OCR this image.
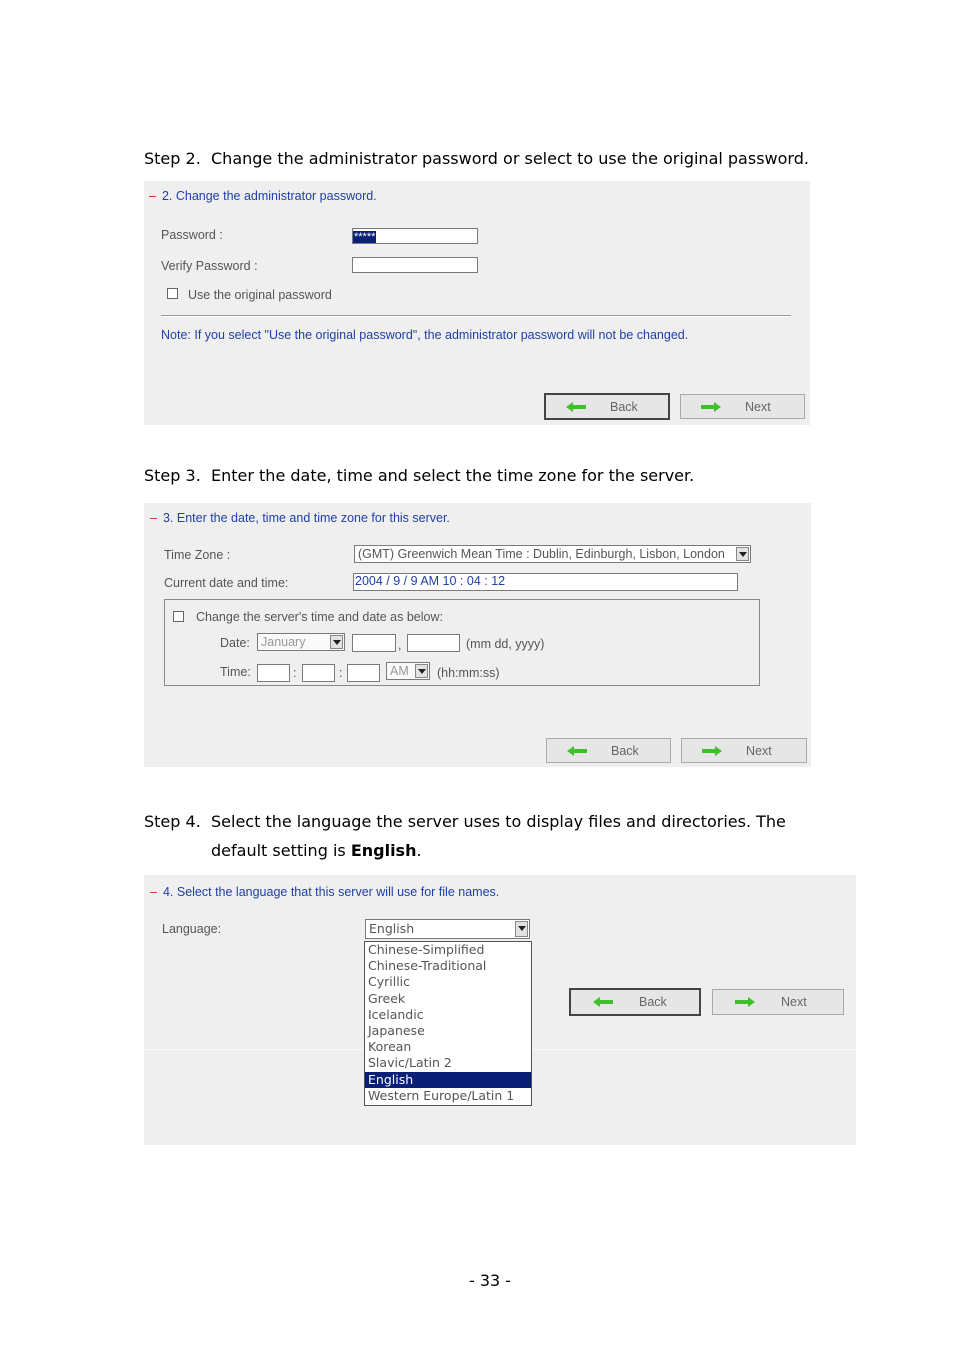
Step 2. Change the administrator password or select to use the original password.
– 2. Change the administrator password.
Password :	*****
Verify Password :
Use the original password
Note: If you select "Use the original password", the administrator password will not be changed.
Back	Next
Step 3. Enter the date, time and select the time zone for the server.
– 3. Enter the date, time and time zone for this server.
Time Zone :	(GMT) Greenwich Mean Time : Dublin, Edinburgh, Lisbon, London
Current date and time:	2004 / 9 / 9 AM 10 : 04 : 12
Change the server's time and date as below:
Date: January	,	(mm dd, yyyy)
Time:	:	:	AM	(hh:mm:ss)
Back	Next
Step 4. Select the language the server uses to display files and directories. The
default setting is English.
– 4. Select the language that this server will use for file names.
Language:	English
Chinese-Simplified
Chinese-Traditional
Cyrillic
Greek
Icelandic
Japanese
Korean
Slavic/Latin 2
English
Western Europe/Latin 1
Back	Next
- 33 -
